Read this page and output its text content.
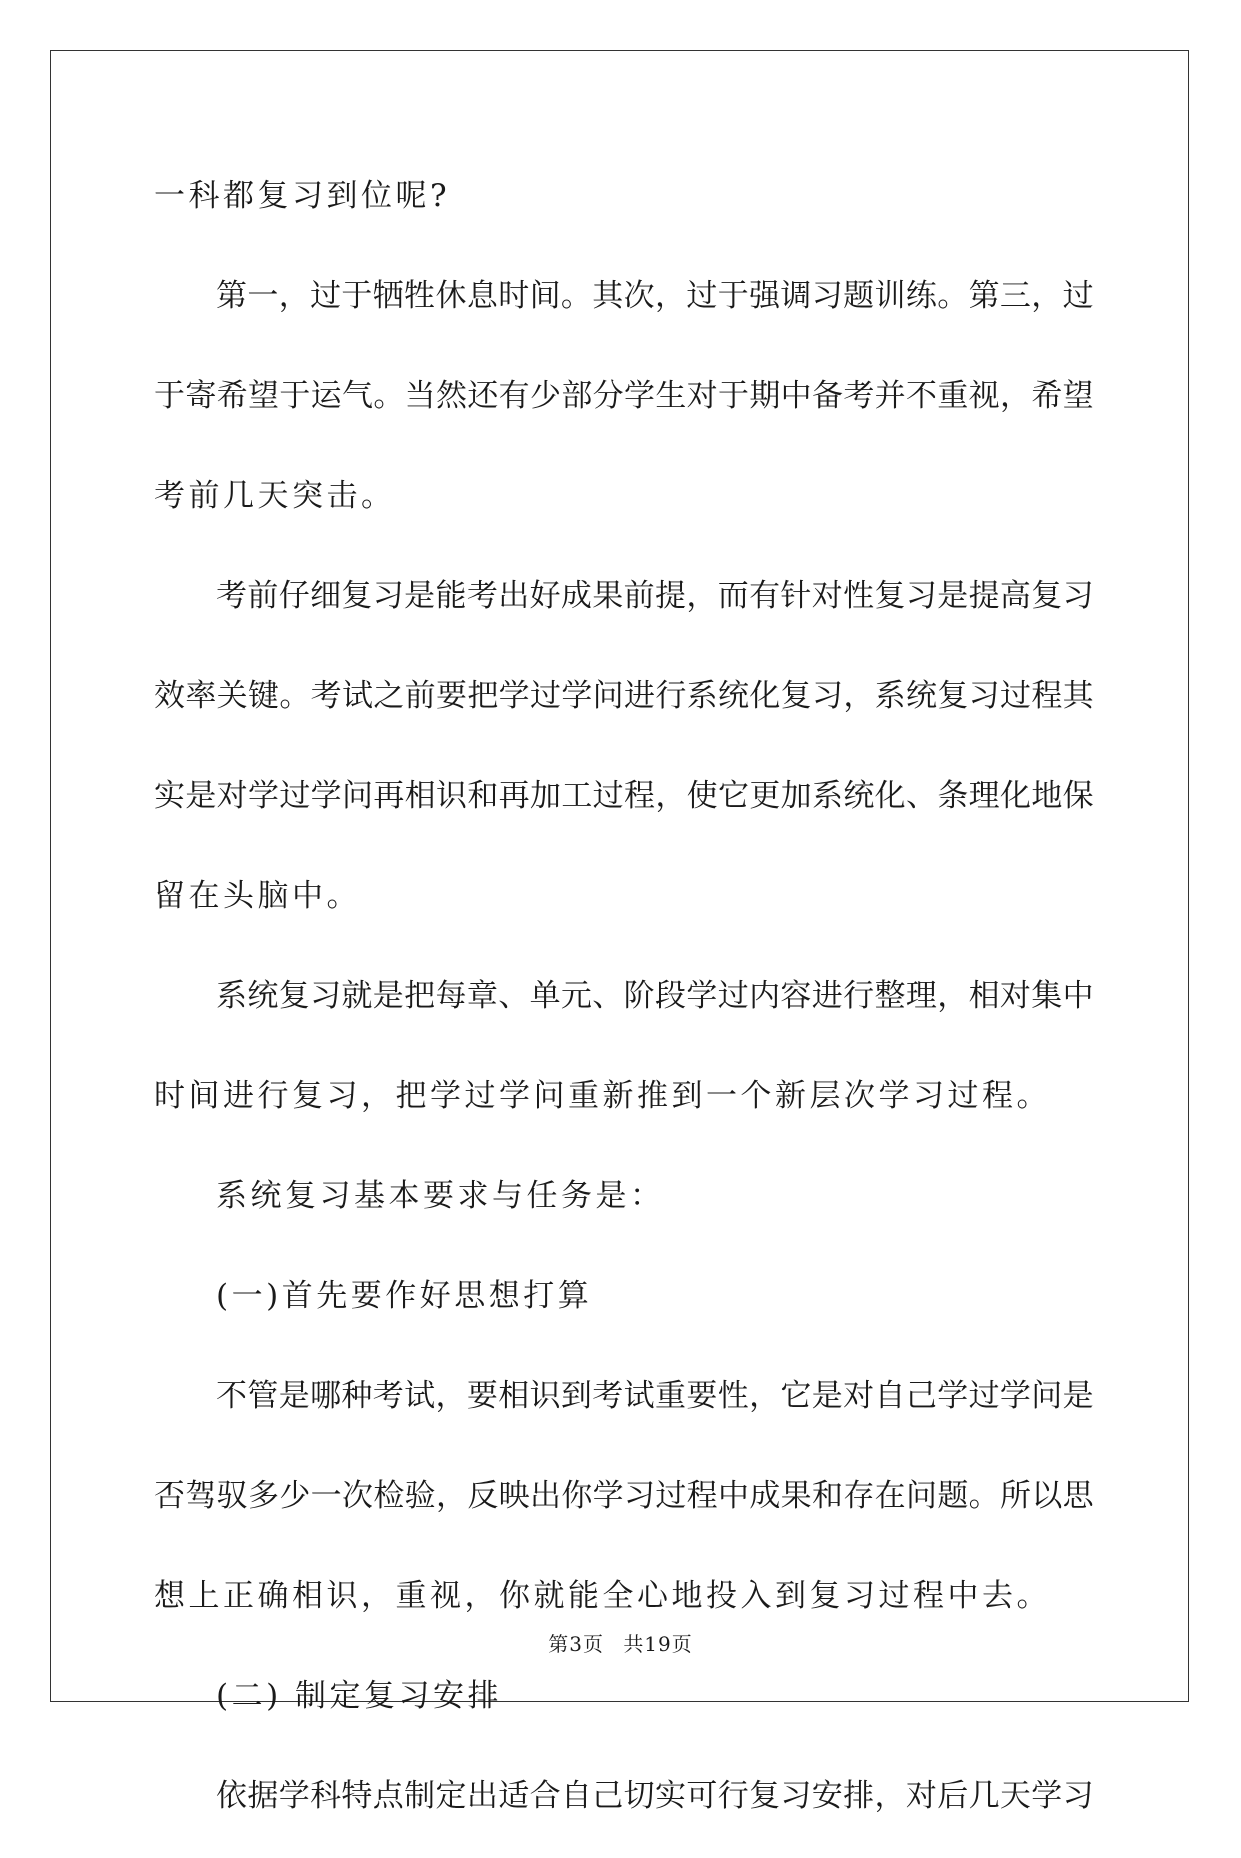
一科都复习到位呢?
第一，过于牺牲休息时间。其次，过于强调习题训练。第三，过
于寄希望于运气。当然还有少部分学生对于期中备考并不重视，希望
考前几天突击。
考前仔细复习是能考出好成果前提，而有针对性复习是提高复习
效率关键。考试之前要把学过学问进行系统化复习，系统复习过程其
实是对学过学问再相识和再加工过程，使它更加系统化、条理化地保
留在头脑中。
系统复习就是把每章、单元、阶段学过内容进行整理，相对集中
时间进行复习，把学过学问重新推到一个新层次学习过程。
系统复习基本要求与任务是：
(一)首先要作好思想打算
不管是哪种考试，要相识到考试重要性，它是对自己学过学问是
否驾驭多少一次检验，反映出你学习过程中成果和存在问题。所以思
想上正确相识，重视，你就能全心地投入到复习过程中去。
(二) 制定复习安排
依据学科特点制定出适合自己切实可行复习安排，对后几天学习
第3页 共19页
